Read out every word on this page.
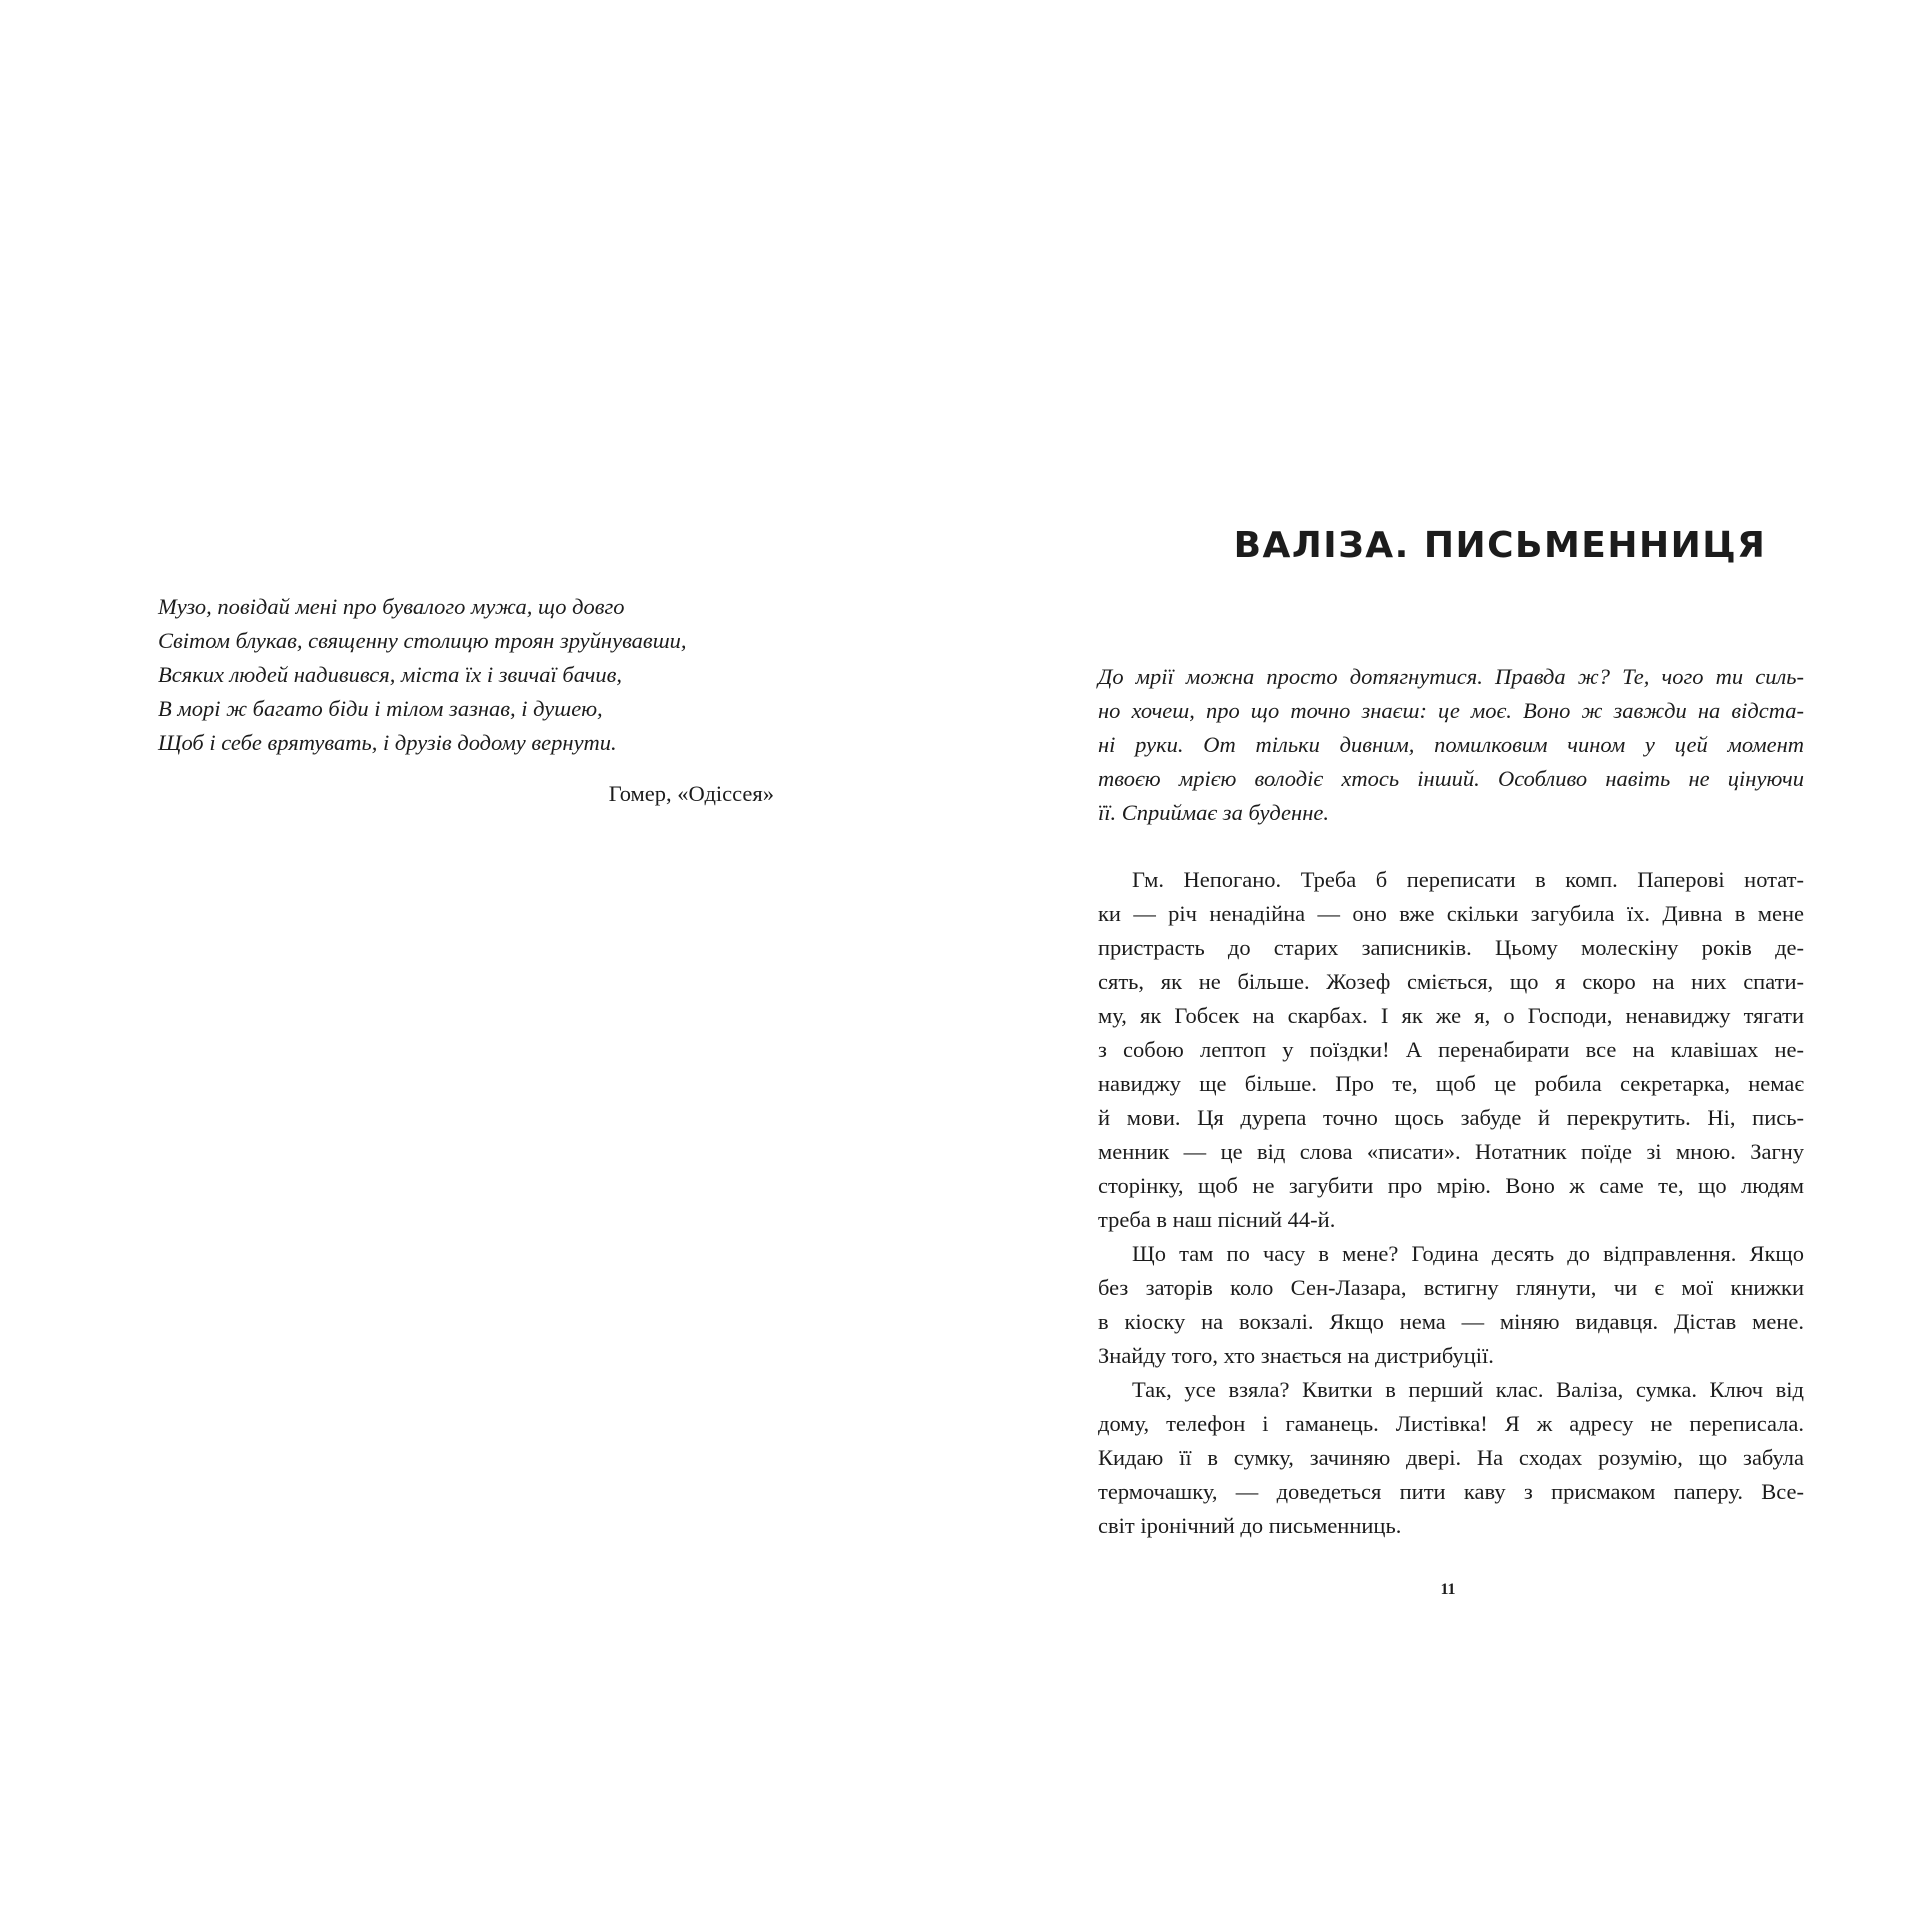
Музо, повідай мені про бувалого мужа, що довго
Світом блукав, священну столицю троян зруйнувавши,
Всяких людей надивився, міста їх і звичаї бачив,
В морі ж багато біди і тілом зазнав, і душею,
Щоб і себе врятувать, і друзів додому вернути.
Гомер, «Одіссея»
ВАЛІЗА. ПИСЬМЕННИЦЯ
До мрії можна просто дотягнутися. Правда ж? Те, чого ти силь-
но хочеш, про що точно знаєш: це моє. Воно ж завжди на відста-
ні руки. От тільки дивним, помилковим чином у цей момент
твоєю мрією володіє хтось інший. Особливо навіть не цінуючи
її. Сприймає за буденне.
Гм. Непогано. Треба б переписати в комп. Паперові нотат-
ки — річ ненадійна — оно вже скільки загубила їх. Дивна в мене
пристрасть до старих записників. Цьому молескіну років де-
сять, як не більше. Жозеф сміється, що я скоро на них спати-
му, як Гобсек на скарбах. І як же я, о Господи, ненавиджу тягати
з собою лептоп у поїздки! А перенабирати все на клавішах не-
навиджу ще більше. Про те, щоб це робила секретарка, немає
й мови. Ця дурепа точно щось забуде й перекрутить. Ні, пись-
менник — це від слова «писати». Нотатник поїде зі мною. Загну
сторінку, щоб не загубити про мрію. Воно ж саме те, що людям
треба в наш пісний 44-й.
Що там по часу в мене? Година десять до відправлення. Якщо
без заторів коло Сен-Лазара, встигну глянути, чи є мої книжки
в кіоску на вокзалі. Якщо нема — міняю видавця. Дістав мене.
Знайду того, хто знається на дистрибуції.
Так, усе взяла? Квитки в перший клас. Валіза, сумка. Ключ від
дому, телефон і гаманець. Листівка! Я ж адресу не переписала.
Кидаю її в сумку, зачиняю двері. На сходах розумію, що забула
термочашку, — доведеться пити каву з присмаком паперу. Все-
світ іронічний до письменниць.
11
